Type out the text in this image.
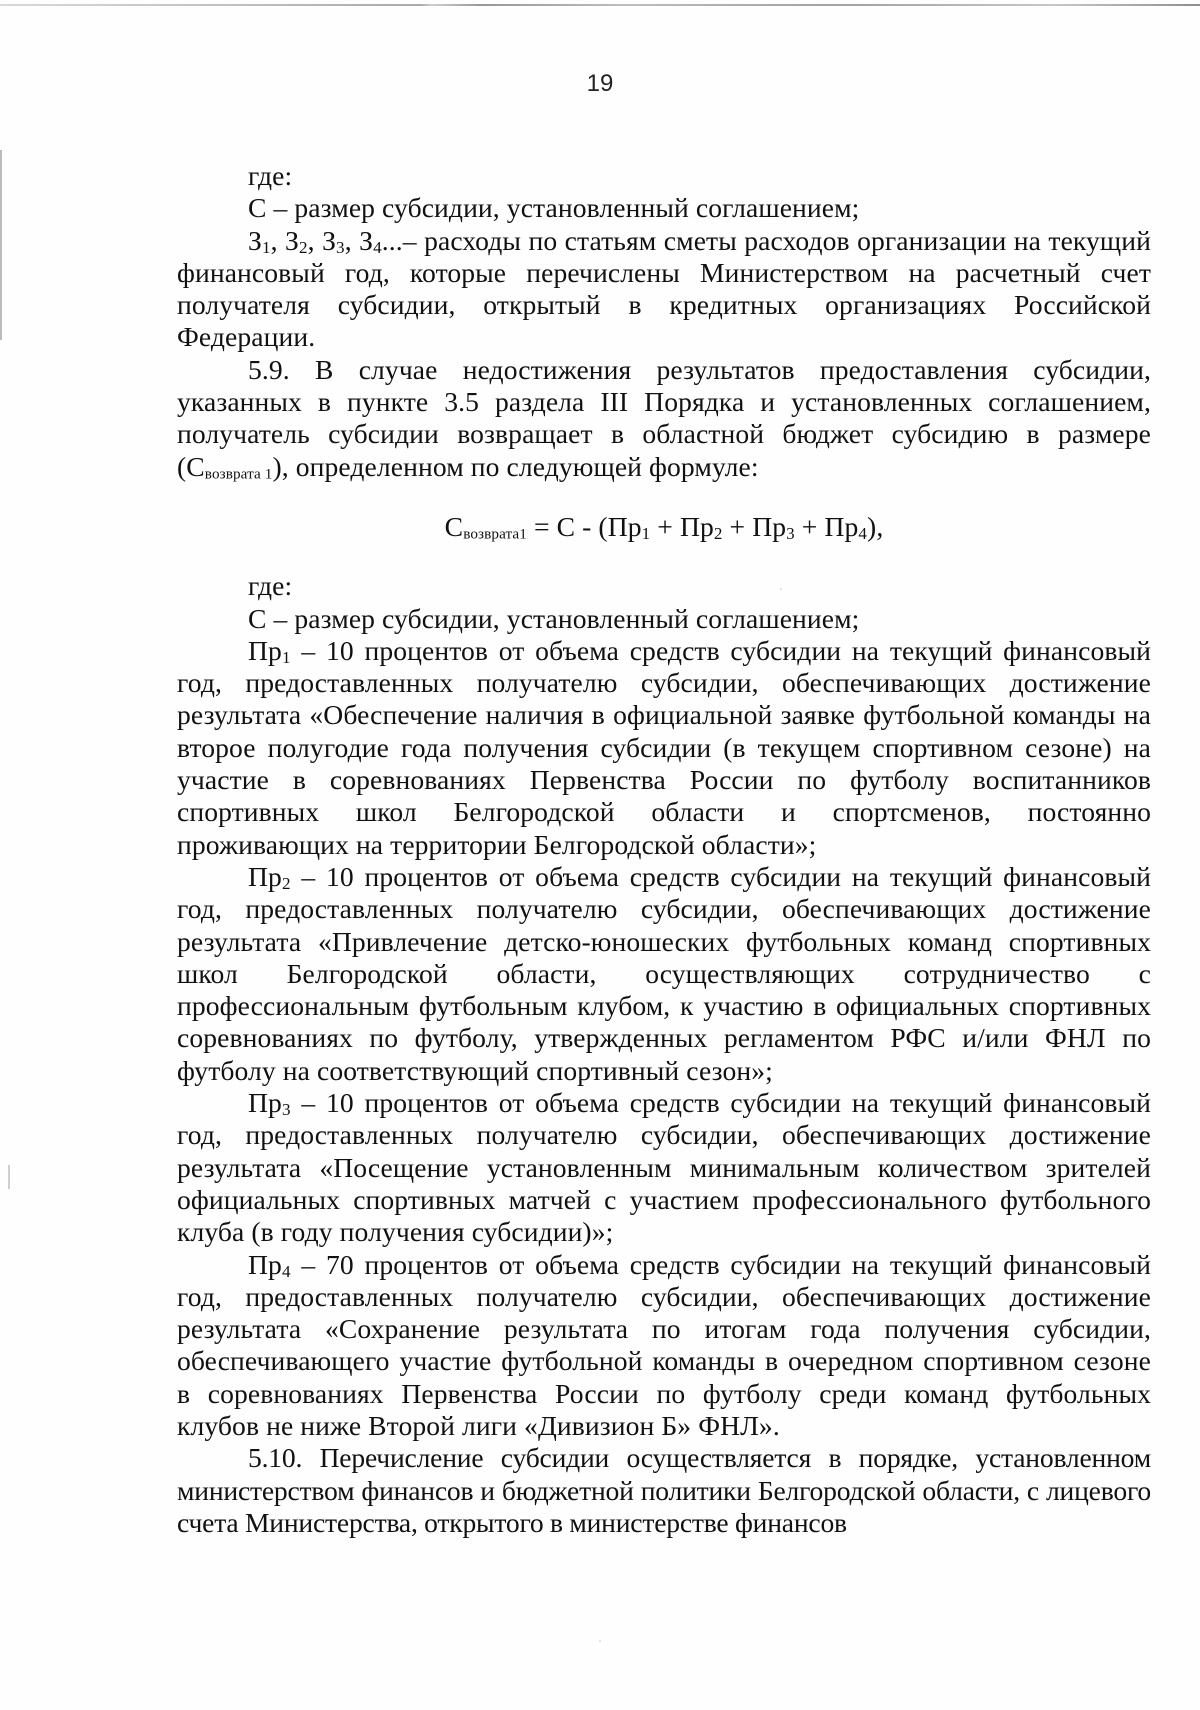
19

где:

С – размер субсидии, установленный соглашением;

$З_1$, $З_2$, $З_3$, $З_4...-$ расходы по статьям сметы расходов организации на текущий финансовый год, которые перечислены Министерством на расчетный счет получателя субсидии, открытый в кредитных организациях Российской Федерации.

5.9. В случае недостижения результатов предоставления субсидии, указанных в пункте 3.5 раздела III Порядка и установленных соглашением, получатель субсидии возвращает в областной бюджет субсидию в размере $(С_{возврата 1})$, определенном по следующей формуле:

$С_{возврата1} = С - (Пр_1 + Пр_2 + Пр_3 + Пр_4)$,

где:

С – размер субсидии, установленный соглашением;

$Пр_1 - 10$ процентов от объема средств субсидии на текущий финансовый год, предоставленных получателю субсидии, обеспечивающих достижение результата «Обеспечение наличия в официальной заявке футбольной команды на второе полугодие года получения субсидии (в текущем спортивном сезоне) на участие в соревнованиях Первенства России по футболу воспитанников спортивных школ Белгородской области и спортсменов, постоянно проживающих на территории Белгородской области»;

$Пр_2 - 10$ процентов от объема средств субсидии на текущий финансовый год, предоставленных получателю субсидии, обеспечивающих достижение результата «Привлечение детско-юношеских футбольных команд спортивных школ Белгородской области, осуществляющих сотрудничество с профессиональным футбольным клубом, к участию в официальных спортивных соревнованиях по футболу, утвержденных регламентом РФС и/или ФНЛ по футболу на соответствующий спортивный сезон»;

$Пр_3 - 10$ процентов от объема средств субсидии на текущий финансовый год, предоставленных получателю субсидии, обеспечивающих достижение результата «Посещение установленным минимальным количеством зрителей официальных спортивных матчей с участием профессионального футбольного клуба (в году получения субсидии)»;

$Пр_4 - 70$ процентов от объема средств субсидии на текущий финансовый год, предоставленных получателю субсидии, обеспечивающих достижение результата «Сохранение результата по итогам года получения субсидии, обеспечивающего участие футбольной команды в очередном спортивном сезоне в соревнованиях Первенства России по футболу среди команд футбольных клубов не ниже Второй лиги «Дивизион Б» ФНЛ».

5.10. Перечисление субсидии осуществляется в порядке, установленном министерством финансов и бюджетной политики Белгородской области, с лицевого счета Министерства, открытого в министерстве финансов
